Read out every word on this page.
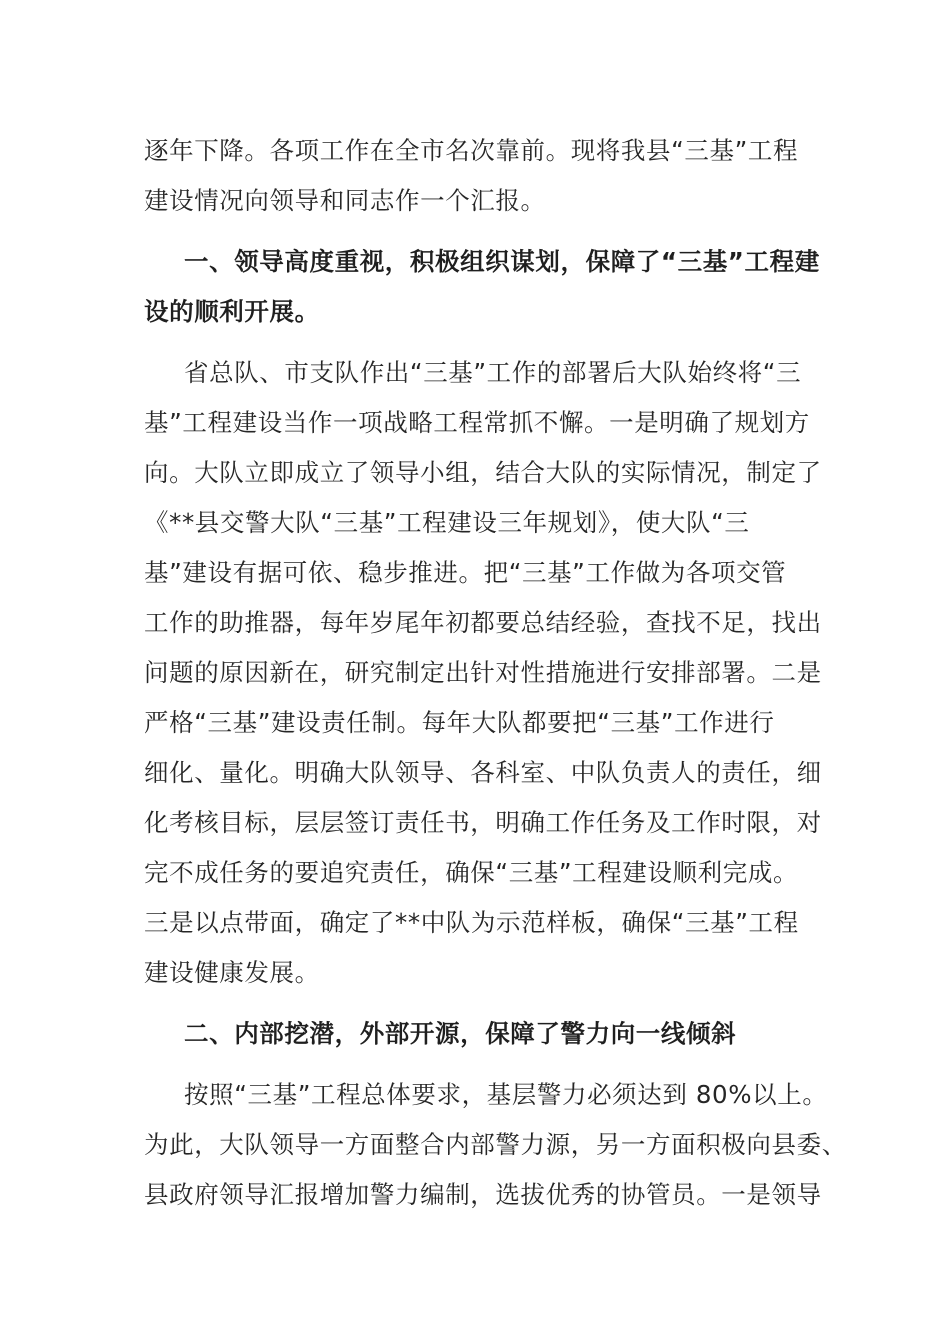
逐年下降。各项工作在全市名次靠前。现将我县“三基”工程
建设情况向领导和同志作一个汇报。
一、领导高度重视，积极组织谋划，保障了“三基”工程建
设的顺利开展。
省总队、市支队作出“三基”工作的部署后大队始终将“三
基”工程建设当作一项战略工程常抓不懈。一是明确了规划方
向。大队立即成立了领导小组，结合大队的实际情况，制定了
《**县交警大队“三基”工程建设三年规划》，使大队“三
基”建设有据可依、稳步推进。把“三基”工作做为各项交管
工作的助推器，每年岁尾年初都要总结经验，查找不足，找出
问题的原因新在，研究制定出针对性措施进行安排部署。二是
严格“三基”建设责任制。每年大队都要把“三基”工作进行
细化、量化。明确大队领导、各科室、中队负责人的责任，细
化考核目标，层层签订责任书，明确工作任务及工作时限，对
完不成任务的要追究责任，确保“三基”工程建设顺利完成。
三是以点带面，确定了**中队为示范样板，确保“三基”工程
建设健康发展。
二、内部挖潜，外部开源，保障了警力向一线倾斜
按照“三基”工程总体要求，基层警力必须达到 80%以上。
为此，大队领导一方面整合内部警力源，另一方面积极向县委、
县政府领导汇报增加警力编制，选拔优秀的协管员。一是领导
